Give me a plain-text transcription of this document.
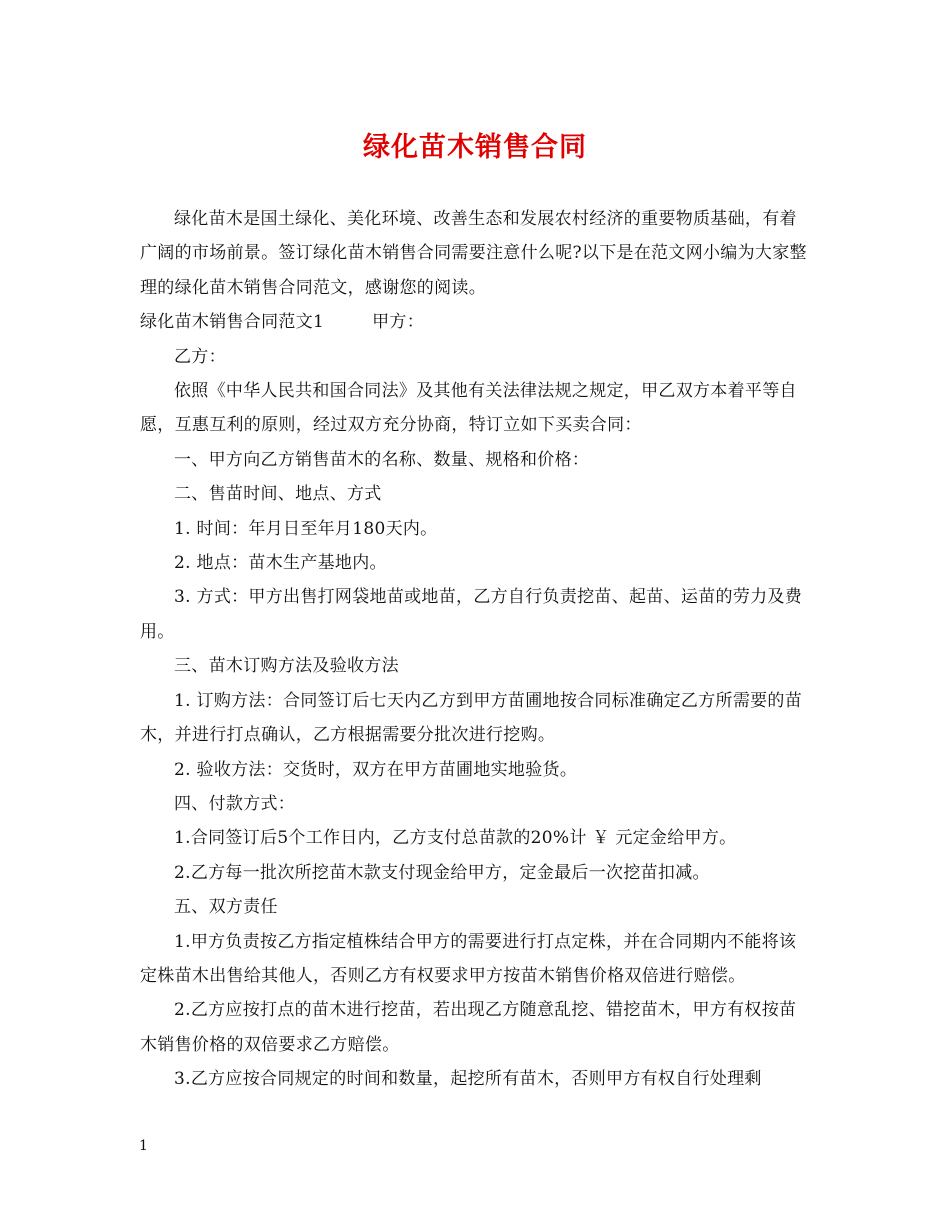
绿化苗木销售合同

绿化苗木是国土绿化、美化环境、改善生态和发展农村经济的重要物质基础，有着广阔的市场前景。签订绿化苗木销售合同需要注意什么呢?以下是在范文网小编为大家整理的绿化苗木销售合同范文，感谢您的阅读。

绿化苗木销售合同范文1	甲方：

乙方：

依照《中华人民共和国合同法》及其他有关法律法规之规定，甲乙双方本着平等自愿，互惠互利的原则，经过双方充分协商，特订立如下买卖合同：

一、甲方向乙方销售苗木的名称、数量、规格和价格：

二、售苗时间、地点、方式

1. 时间：年月日至年月180天内。

2. 地点：苗木生产基地内。

3. 方式：甲方出售打网袋地苗或地苗，乙方自行负责挖苗、起苗、运苗的劳力及费用。

三、苗木订购方法及验收方法

1. 订购方法：合同签订后七天内乙方到甲方苗圃地按合同标准确定乙方所需要的苗木，并进行打点确认，乙方根据需要分批次进行挖购。

2. 验收方法：交货时，双方在甲方苗圃地实地验货。

四、付款方式：

1.合同签订后5个工作日内，乙方支付总苗款的20%计 ￥ 元定金给甲方。

2.乙方每一批次所挖苗木款支付现金给甲方，定金最后一次挖苗扣减。

五、双方责任

1.甲方负责按乙方指定植株结合甲方的需要进行打点定株，并在合同期内不能将该定株苗木出售给其他人，否则乙方有权要求甲方按苗木销售价格双倍进行赔偿。

2.乙方应按打点的苗木进行挖苗，若出现乙方随意乱挖、错挖苗木，甲方有权按苗木销售价格的双倍要求乙方赔偿。

3.乙方应按合同规定的时间和数量，起挖所有苗木，否则甲方有权自行处理剩

1
